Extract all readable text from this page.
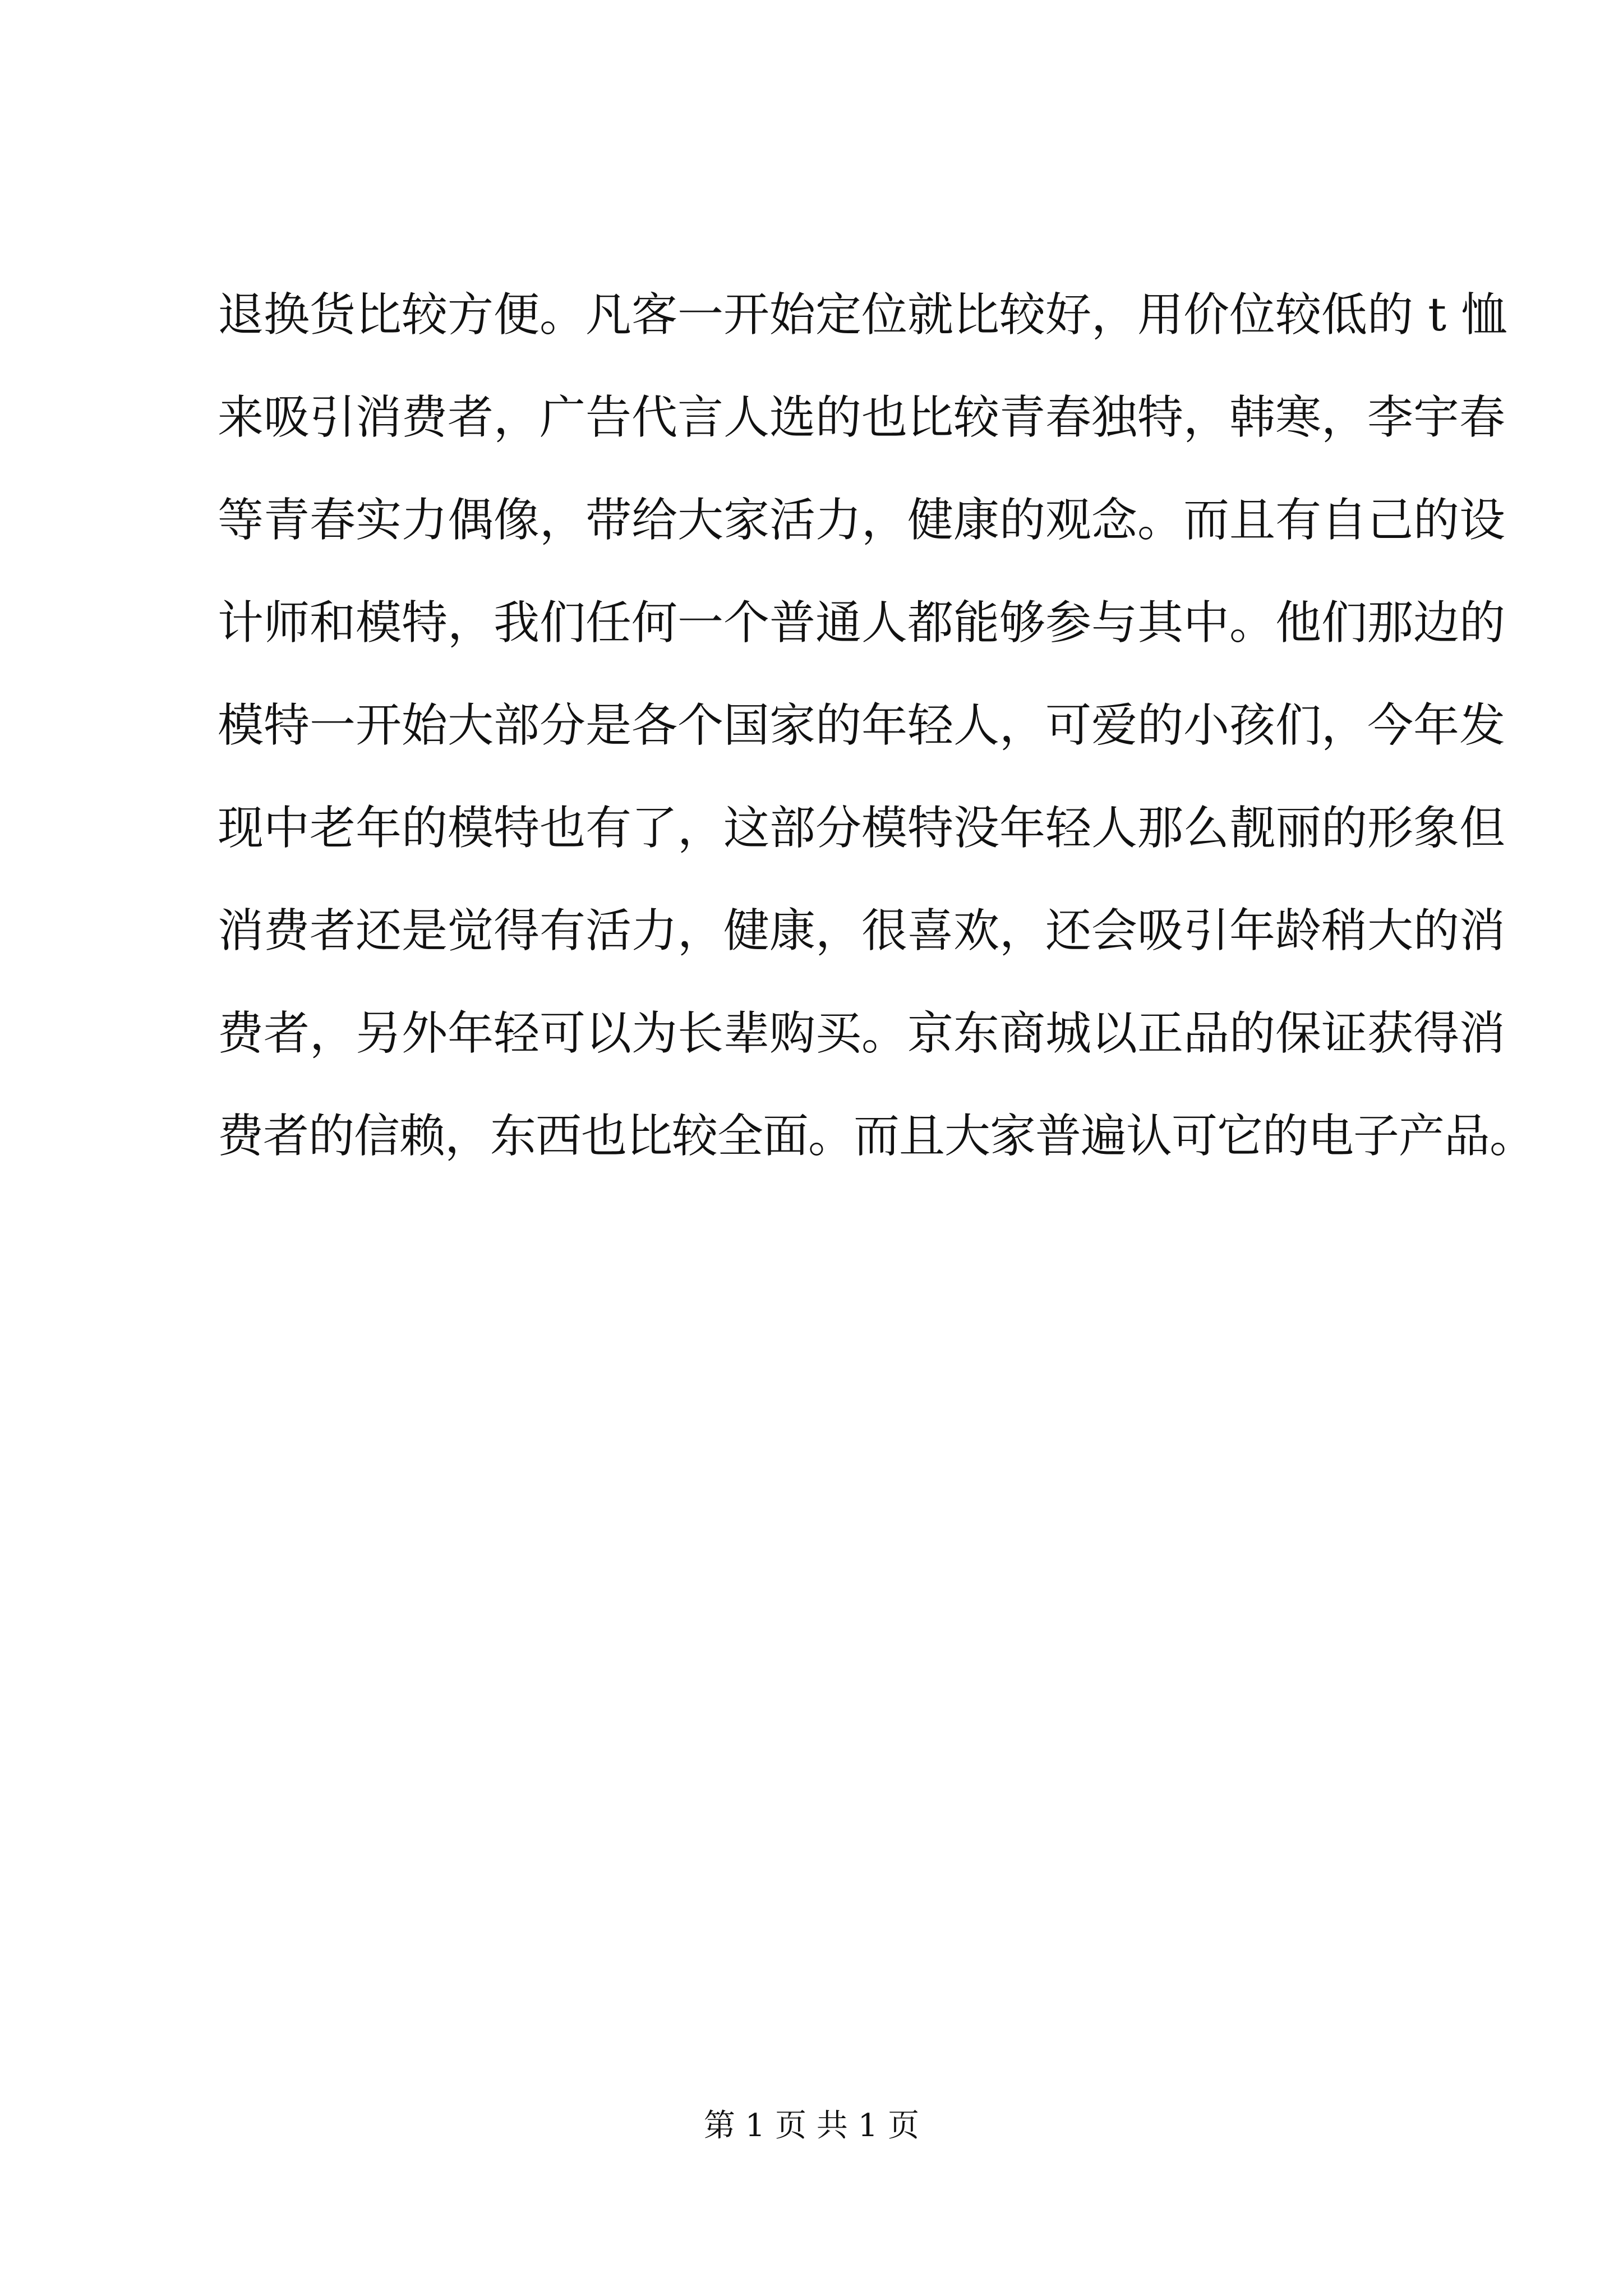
退换货比较方便。凡客一开始定位就比较好，用价位较低的 t 恤
来吸引消费者，广告代言人选的也比较青春独特，韩寒，李宇春
等青春实力偶像，带给大家活力，健康的观念。而且有自己的设
计师和模特，我们任何一个普通人都能够参与其中。他们那边的
模特一开始大部分是各个国家的年轻人，可爱的小孩们，今年发
现中老年的模特也有了，这部分模特没年轻人那么靓丽的形象但
消费者还是觉得有活力，健康，很喜欢，还会吸引年龄稍大的消
费者，另外年轻可以为长辈购买。京东商城以正品的保证获得消
费者的信赖，东西也比较全面。而且大家普遍认可它的电子产品。
第 1 页 共 1 页
